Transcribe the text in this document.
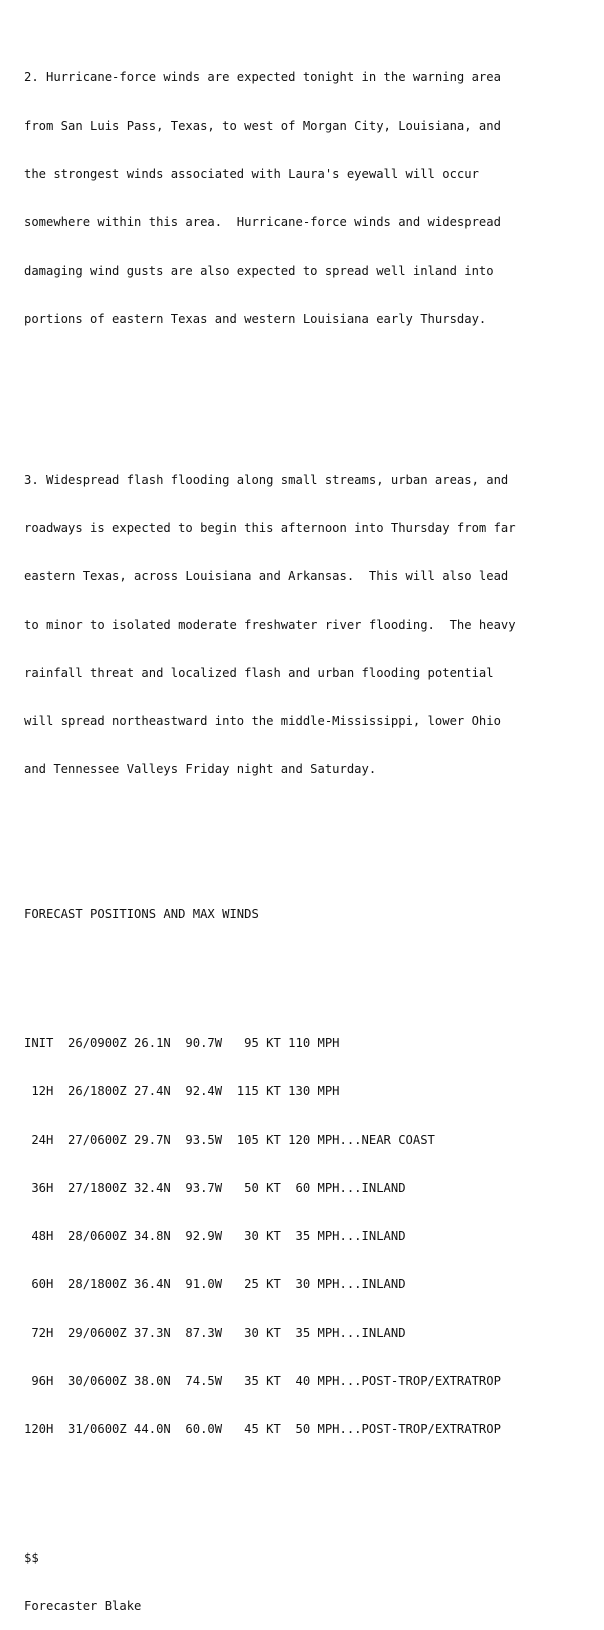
2. Hurricane-force winds are expected tonight in the warning area

from San Luis Pass, Texas, to west of Morgan City, Louisiana, and

the strongest winds associated with Laura's eyewall will occur

somewhere within this area.  Hurricane-force winds and widespread

damaging wind gusts are also expected to spread well inland into

portions of eastern Texas and western Louisiana early Thursday.

3. Widespread flash flooding along small streams, urban areas, and

roadways is expected to begin this afternoon into Thursday from far

eastern Texas, across Louisiana and Arkansas.  This will also lead

to minor to isolated moderate freshwater river flooding.  The heavy

rainfall threat and localized flash and urban flooding potential

will spread northeastward into the middle-Mississippi, lower Ohio

and Tennessee Valleys Friday night and Saturday.

FORECAST POSITIONS AND MAX WINDS

INIT  26/0900Z 26.1N  90.7W   95 KT 110 MPH

12H  26/1800Z 27.4N  92.4W  115 KT 130 MPH

24H  27/0600Z 29.7N  93.5W  105 KT 120 MPH...NEAR COAST

36H  27/1800Z 32.4N  93.7W   50 KT  60 MPH...INLAND

48H  28/0600Z 34.8N  92.9W   30 KT  35 MPH...INLAND

60H  28/1800Z 36.4N  91.0W   25 KT  30 MPH...INLAND

72H  29/0600Z 37.3N  87.3W   30 KT  35 MPH...INLAND

96H  30/0600Z 38.0N  74.5W   35 KT  40 MPH...POST-TROP/EXTRATROP

120H  31/0600Z 44.0N  60.0W   45 KT  50 MPH...POST-TROP/EXTRATROP

$$

Forecaster Blake
